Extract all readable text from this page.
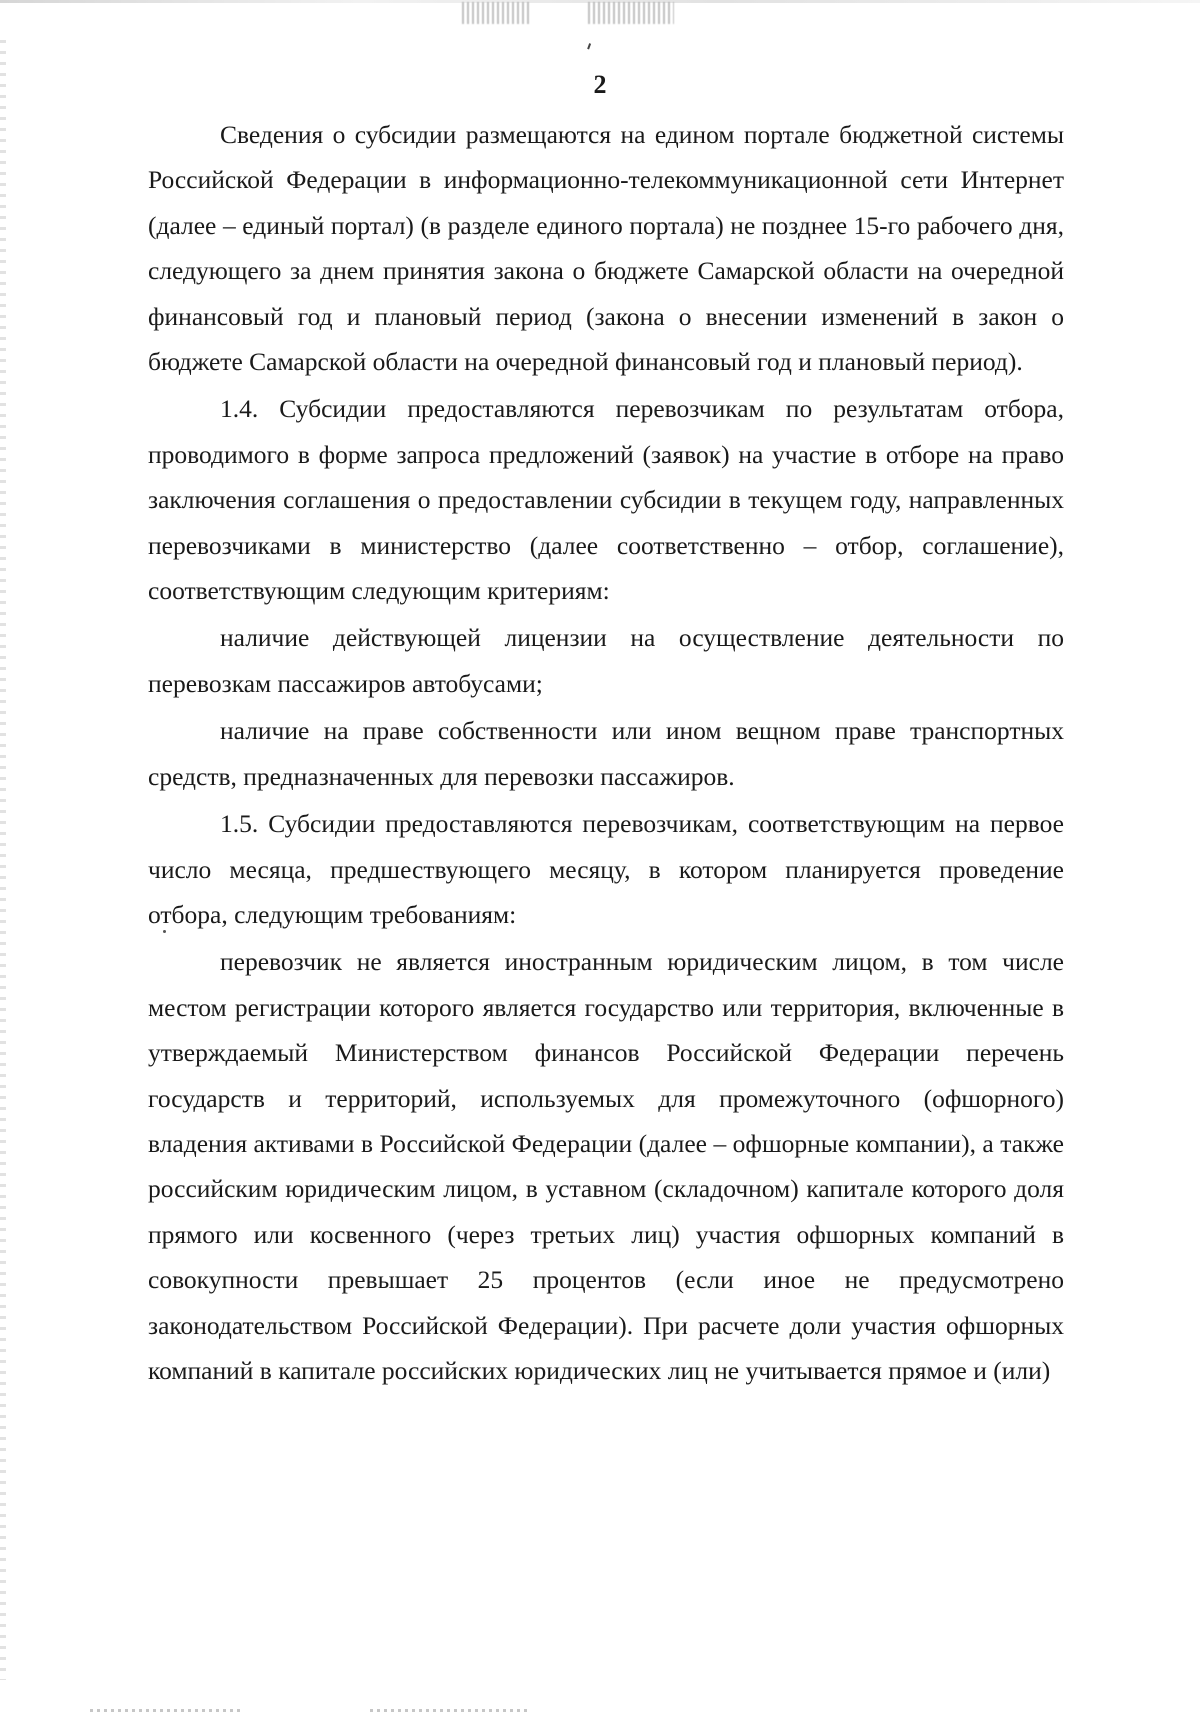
2

Сведения о субсидии размещаются на едином портале бюджетной системы Российской Федерации в информационно-телекоммуникационной сети Интернет (далее – единый портал) (в разделе единого портала) не позднее 15-го рабочего дня, следующего за днем принятия закона о бюджете Самарской области на очередной финансовый год и плановый период (закона о внесении изменений в закон о бюджете Самарской области на очередной финансовый год и плановый период).

1.4. Субсидии предоставляются перевозчикам по результатам отбора, проводимого в форме запроса предложений (заявок) на участие в отборе на право заключения соглашения о предоставлении субсидии в текущем году, направленных перевозчиками в министерство (далее соответственно – отбор, соглашение), соответствующим следующим критериям:

наличие действующей лицензии на осуществление деятельности по перевозкам пассажиров автобусами;

наличие на праве собственности или ином вещном праве транспортных средств, предназначенных для перевозки пассажиров.

1.5. Субсидии предоставляются перевозчикам, соответствующим на первое число месяца, предшествующего месяцу, в котором планируется проведение отбора, следующим требованиям:

перевозчик не является иностранным юридическим лицом, в том числе местом регистрации которого является государство или территория, включенные в утверждаемый Министерством финансов Российской Федерации перечень государств и территорий, используемых для промежуточного (офшорного) владения активами в Российской Федерации (далее – офшорные компании), а также российским юридическим лицом, в уставном (складочном) капитале которого доля прямого или косвенного (через третьих лиц) участия офшорных компаний в совокупности превышает 25 процентов (если иное не предусмотрено законодательством Российской Федерации). При расчете доли участия офшорных компаний в капитале российских юридических лиц не учитывается прямое и (или)
